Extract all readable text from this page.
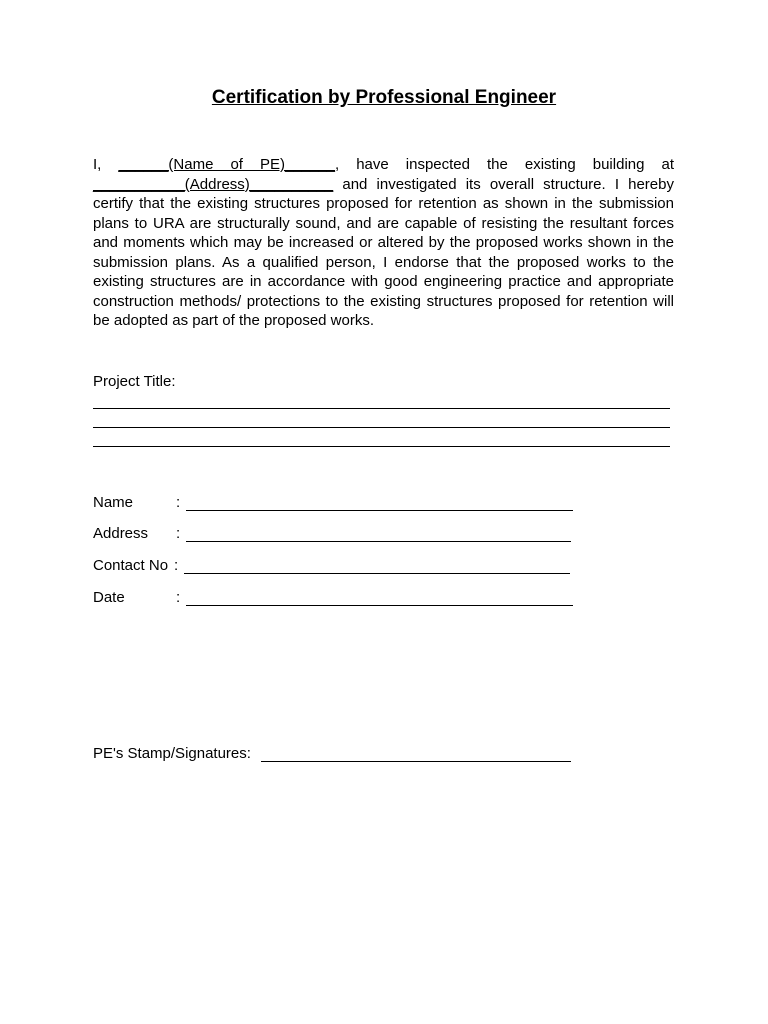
Certification by Professional Engineer
I, ______(Name of PE)______, have inspected the existing building at ___________(Address)__________ and investigated its overall structure. I hereby certify that the existing structures proposed for retention as shown in the submission plans to URA are structurally sound, and are capable of resisting the resultant forces and moments which may be increased or altered by the proposed works shown in the submission plans. As a qualified person, I endorse that the proposed works to the existing structures are in accordance with good engineering practice and appropriate construction methods/ protections to the existing structures proposed for retention will be adopted as part of the proposed works.
Project Title:
Name	:
Address :
Contact No :
Date	:
PE's Stamp/Signatures:
